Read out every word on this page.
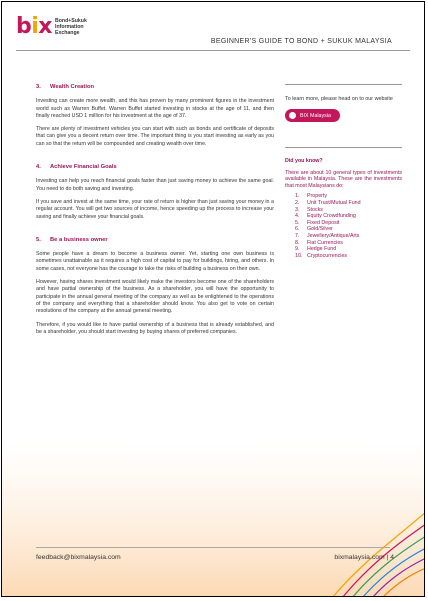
bix Bond+Sukuk
Information
Exchange
BEGINNER'S GUIDE TO BOND + SUKUK MALAYSIA
3. Wealth Creation

Investing can create more wealth, and this has proven by many prominent figures in the investment world such as Warren Buffet. Warren Buffet started investing in stocks at the age of 11, and then finally reached USD 1 million for his investment at the age of 37.

There are plenty of investment vehicles you can start with such as bonds and certificate of deposits that can give you a decent return over time. The important thing is you start investing as early as you can so that the return will be compounded and creating wealth over time.

4. Achieve Financial Goals

Investing can help you reach financial goals faster than just saving money to achieve the same goal. You need to do both saving and investing.

If you save and invest at the same time, your rate of return is higher than just saving your money in a regular account. You will get two sources of income, hence speeding up the process to increase your saving and finally achieve your financial goals.

5. Be a business owner

Some people have a dream to become a business owner. Yet, starting one own business is sometimes unattainable as it requires a high cost of capital to pay for buildings, hiring, and others. In some cases, not everyone has the courage to take the risks of building a business on their own.

However, having shares investment would likely make the investors become one of the shareholders and have partial ownership of the business. As a shareholder, you will have the opportunity to participate in the annual general meeting of the company as well as be enlightened to the operations of the company and everything that a shareholder should know. You also get to vote on certain resolutions of the company at the annual general meeting.

Therefore, if you would like to have partial ownership of a business that is already established, and be a shareholder, you should start investing by buying shares of preferred companies.

To learn more, please head on to our website
BIX Malaysia
Did you know?
There are about 10 general types of investments available in Malaysia. These are the investments that most Malaysians do:
1.	Property
2.	Unit Trust/Mutual Fund
3.	Stocks
4.	Equity Crowdfunding
5.	Fixed Deposit
6.	Gold/Silver
7.	Jewellery/Antique/Arts
8.	Fiat Currencies
9.	Hedge Fund
10. Cryptocurrencies
feedback@bixmalaysia.com	bixmalaysia.com | 4
